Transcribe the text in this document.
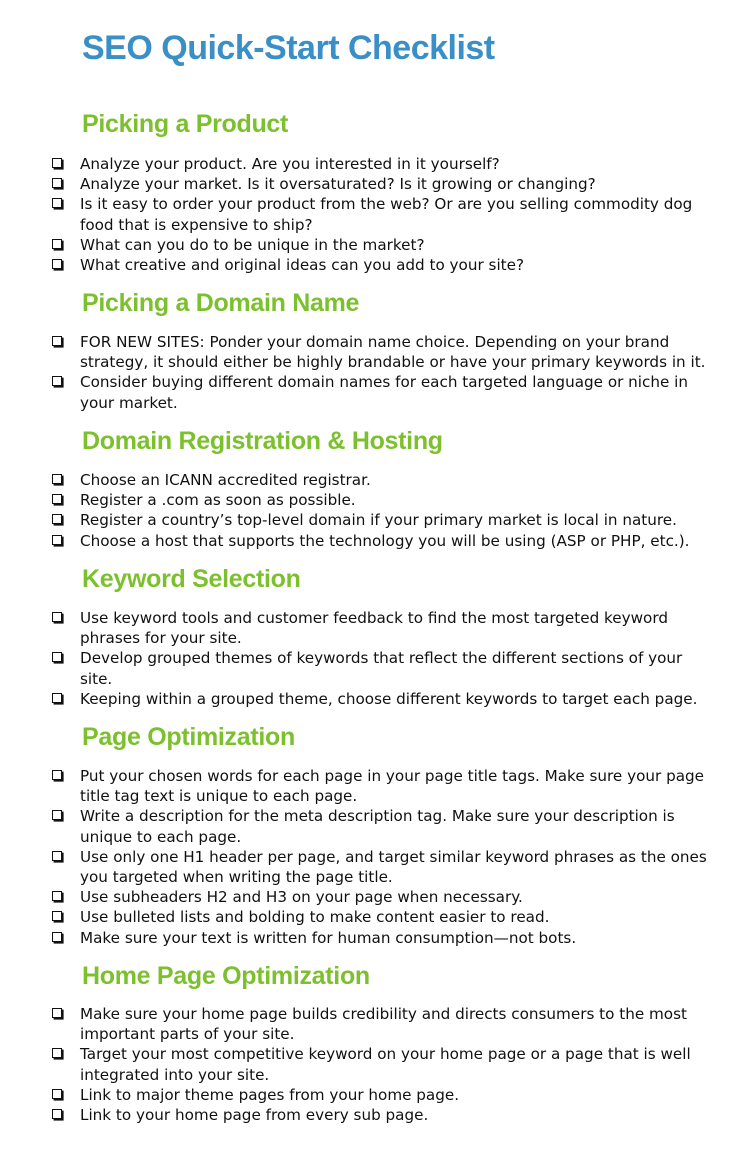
SEO Quick-Start Checklist
Picking a Product
Analyze your product. Are you interested in it yourself?
Analyze your market. Is it oversaturated? Is it growing or changing?
Is it easy to order your product from the web? Or are you selling commodity dog food that is expensive to ship?
What can you do to be unique in the market?
What creative and original ideas can you add to your site?
Picking a Domain Name
FOR NEW SITES: Ponder your domain name choice. Depending on your brand strategy, it should either be highly brandable or have your primary keywords in it.
Consider buying different domain names for each targeted language or niche in your market.
Domain Registration & Hosting
Choose an ICANN accredited registrar.
Register a .com as soon as possible.
Register a country’s top-level domain if your primary market is local in nature.
Choose a host that supports the technology you will be using (ASP or PHP, etc.).
Keyword Selection
Use keyword tools and customer feedback to find the most targeted keyword phrases for your site.
Develop grouped themes of keywords that reflect the different sections of your site.
Keeping within a grouped theme, choose different keywords to target each page.
Page Optimization
Put your chosen words for each page in your page title tags. Make sure your page title tag text is unique to each page.
Write a description for the meta description tag. Make sure your description is unique to each page.
Use only one H1 header per page, and target similar keyword phrases as the ones you targeted when writing the page title.
Use subheaders H2 and H3 on your page when necessary.
Use bulleted lists and bolding to make content easier to read.
Make sure your text is written for human consumption—not bots.
Home Page Optimization
Make sure your home page builds credibility and directs consumers to the most important parts of your site.
Target your most competitive keyword on your home page or a page that is well integrated into your site.
Link to major theme pages from your home page.
Link to your home page from every sub page.
